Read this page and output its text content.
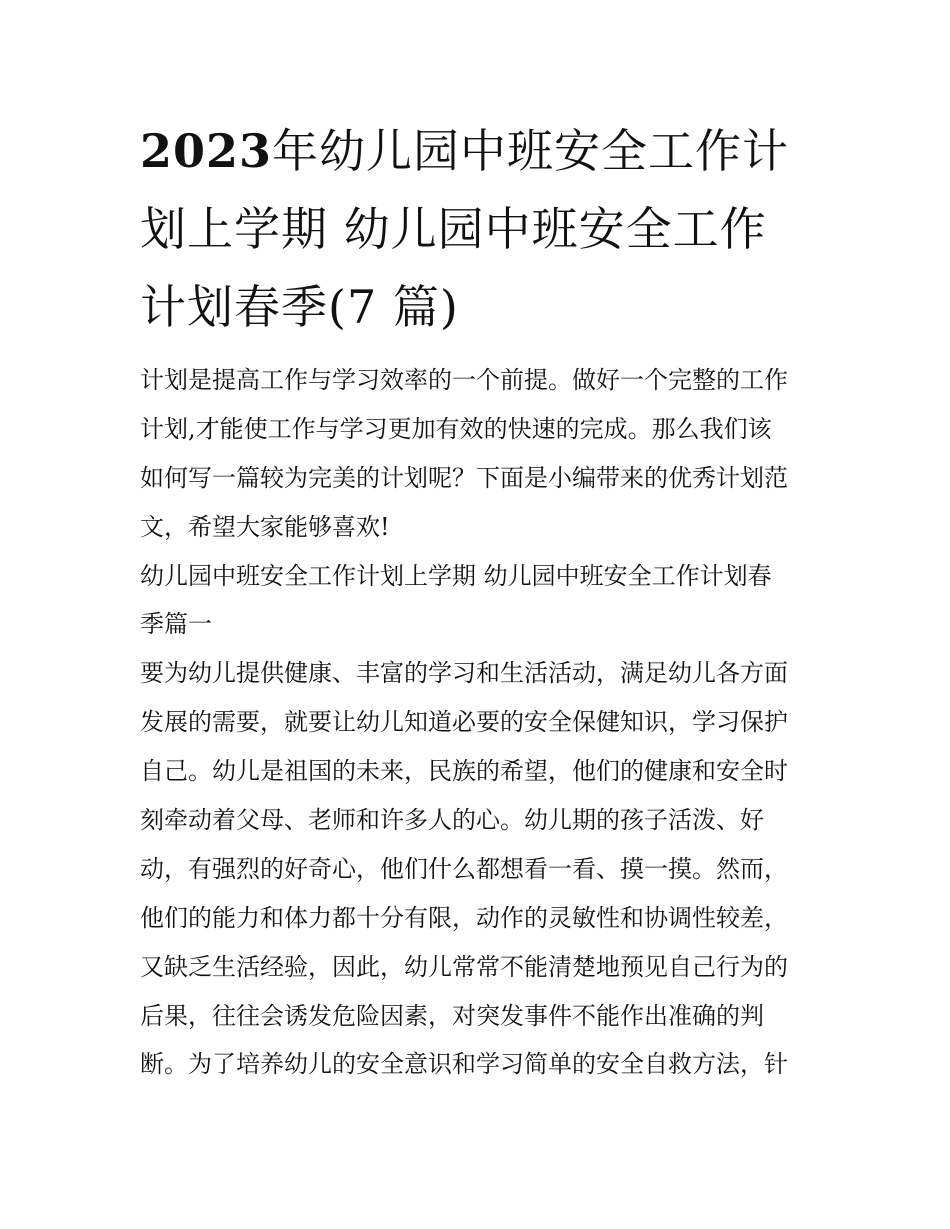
2023年幼儿园中班安全工作计
划上学期 幼儿园中班安全工作
计划春季(7 篇)
计划是提高工作与学习效率的一个前提。做好一个完整的工作
计划,才能使工作与学习更加有效的快速的完成。那么我们该
如何写一篇较为完美的计划呢？下面是小编带来的优秀计划范
文，希望大家能够喜欢!
幼儿园中班安全工作计划上学期 幼儿园中班安全工作计划春
季篇一
要为幼儿提供健康、丰富的学习和生活活动，满足幼儿各方面
发展的需要，就要让幼儿知道必要的安全保健知识，学习保护
自己。幼儿是祖国的未来，民族的希望，他们的健康和安全时
刻牵动着父母、老师和许多人的心。幼儿期的孩子活泼、好
动，有强烈的好奇心，他们什么都想看一看、摸一摸。然而，
他们的能力和体力都十分有限，动作的灵敏性和协调性较差，
又缺乏生活经验，因此，幼儿常常不能清楚地预见自己行为的
后果，往往会诱发危险因素，对突发事件不能作出准确的判
断。为了培养幼儿的安全意识和学习简单的安全自救方法，针
